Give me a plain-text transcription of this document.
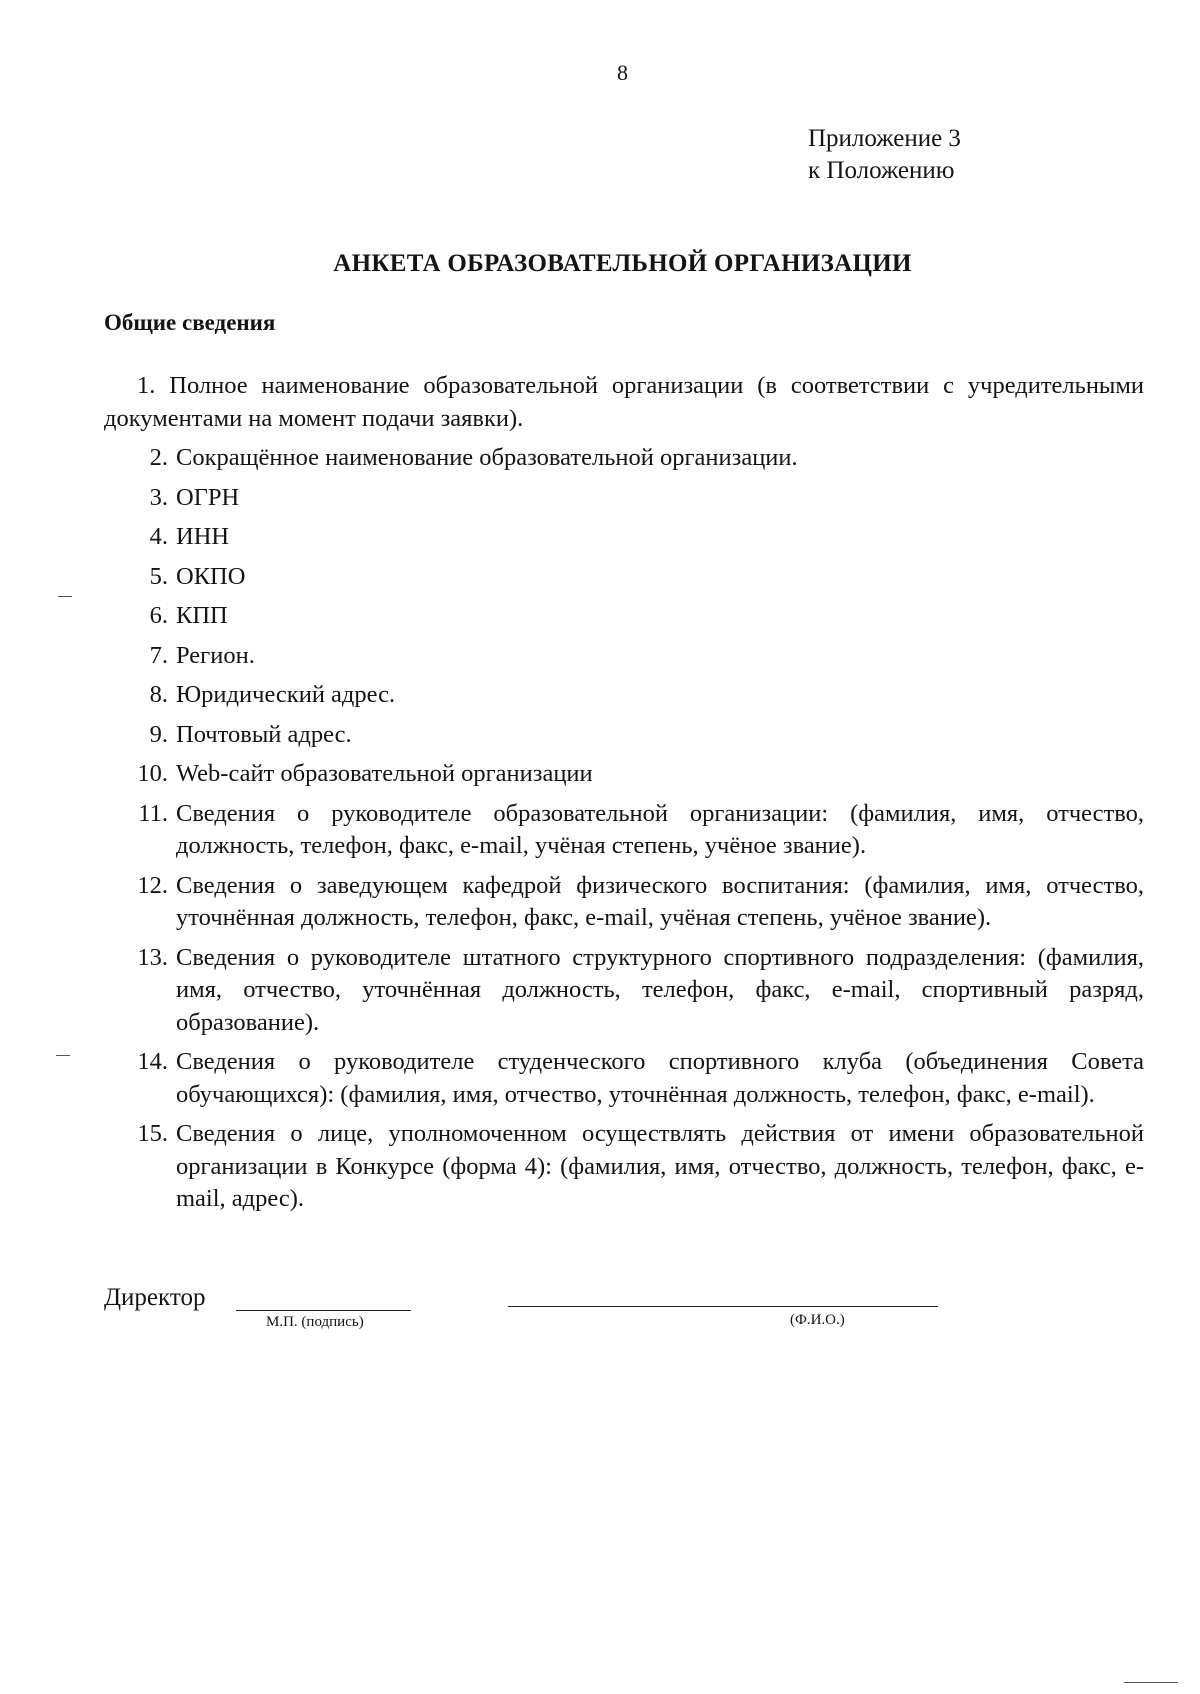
8
Приложение 3
к Положению
АНКЕТА ОБРАЗОВАТЕЛЬНОЙ ОРГАНИЗАЦИИ
Общие сведения
1. Полное наименование образовательной организации (в соответствии с учредительными документами на момент подачи заявки).
2. Сокращённое наименование образовательной организации.
3. ОГРН
4. ИНН
5. ОКПО
6. КПП
7. Регион.
8. Юридический адрес.
9. Почтовый адрес.
10. Web-сайт образовательной организации
11. Сведения о руководителе образовательной организации: (фамилия, имя, отчество, должность, телефон, факс, e-mail, учёная степень, учёное звание).
12. Сведения о заведующем кафедрой физического воспитания: (фамилия, имя, отчество, уточнённая должность, телефон, факс, e-mail, учёная степень, учёное звание).
13. Сведения о руководителе штатного структурного спортивного подразделения: (фамилия, имя, отчество, уточнённая должность, телефон, факс, e-mail, спортивный разряд, образование).
14. Сведения о руководителе студенческого спортивного клуба (объединения Совета обучающихся): (фамилия, имя, отчество, уточнённая должность, телефон, факс, e-mail).
15. Сведения о лице, уполномоченном осуществлять действия от имени образовательной организации в Конкурсе (форма 4): (фамилия, имя, отчество, должность, телефон, факс, e-mail, адрес).
Директор
М.П. (подпись)	(Ф.И.О.)
